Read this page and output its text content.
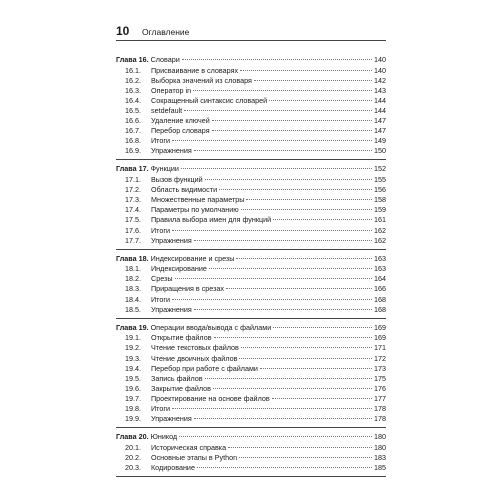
10 Оглавление
Глава 16. Словари	140
16.1. Присваивание в словарях	140
16.2. Выборка значений из словаря	142
16.3. Оператор in	143
16.4. Сокращенный синтаксис словарей	144
16.5. setdefault	144
16.6. Удаление ключей	147
16.7. Перебор словаря	147
16.8. Итоги	149
16.9. Упражнения	150
Глава 17. Функции	152
17.1. Вызов функций	155
17.2. Область видимости	156
17.3. Множественные параметры	158
17.4. Параметры по умолчанию	159
17.5. Правила выбора имен для функций	161
17.6. Итоги	162
17.7. Упражнения	162
Глава 18. Индексирование и срезы	163
18.1. Индексирование	163
18.2. Срезы	164
18.3. Приращения в срезах	166
18.4. Итоги	168
18.5. Упражнения	168
Глава 19. Операции ввода/вывода с файлами	169
19.1. Открытие файлов	169
19.2. Чтение текстовых файлов	171
19.3. Чтение двоичных файлов	172
19.4. Перебор при работе с файлами	173
19.5. Запись файлов	175
19.6. Закрытие файлов	176
19.7. Проектирование на основе файлов	177
19.8. Итоги	178
19.9. Упражнения	178
Глава 20. Юникод	180
20.1. Историческая справка	180
20.2. Основные этапы в Python	183
20.3. Кодирование	185
